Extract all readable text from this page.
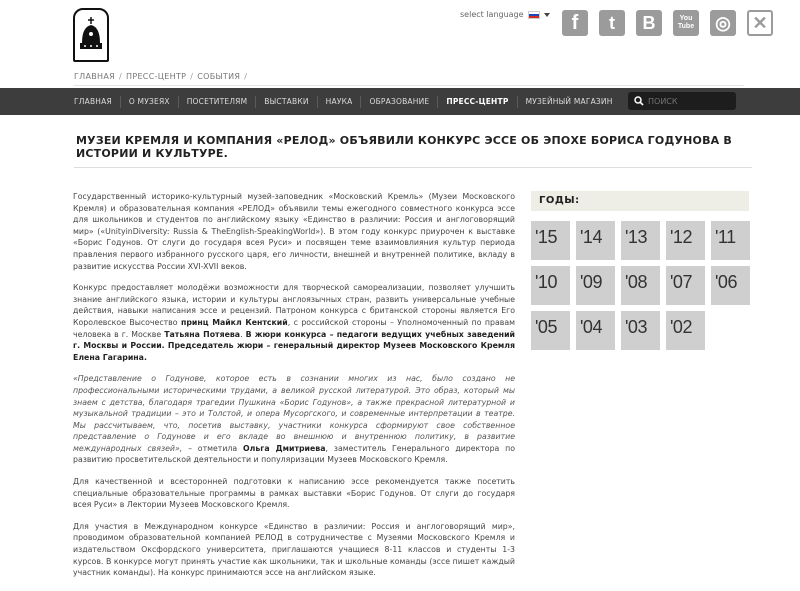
select language	f	t	B	You Tube ◎	✕
ГЛАВНАЯ / ПРЕСС-ЦЕНТР / СОБЫТИЯ /
ГЛАВНАЯ	О МУЗЕЯХ	ПОСЕТИТЕЛЯМ	ВЫСТАВКИ	НАУКА	ОБРАЗОВАНИЕ	ПРЕСС-ЦЕНТР	МУЗЕЙНЫЙ МАГАЗИН
ПОИСК
МУЗЕИ КРЕМЛЯ И КОМПАНИЯ «РЕЛОД» ОБЪЯВИЛИ КОНКУРС ЭССЕ ОБ ЭПОХЕ БОРИСА ГОДУНОВА В ИСТОРИИ И КУЛЬТУРЕ.

Государственный историко-культурный музей-заповедник «Московский Кремль» (Музеи Московского Кремля) и образовательная компания «РЕЛОД» объявили темы ежегодного совместного конкурса эссе для школьников и студентов по английскому языку «Единство в различии: Россия и англоговорящий мир» («UnityinDiversity: Russia & TheEnglish-SpeakingWorld»). В этом году конкурс приурочен к выставке «Борис Годунов. От слуги до государя всея Руси» и посвящен теме взаимовлияния культур периода правления первого избранного русского царя, его личности, внешней и внутренней политике, вкладу в развитие искусства России XVI-XVII веков.

Конкурс предоставляет молодёжи возможности для творческой самореализации, позволяет улучшить знание английского языка, истории и культуры англоязычных стран, развить универсальные учебные действия, навыки написания эссе и рецензий. Патроном конкурса с британской стороны является Его Королевское Высочество принц Майкл Кентский, с российской стороны – Уполномоченный по правам человека в г. Москве Татьяна Потяева. В жюри конкурса – педагоги ведущих учебных заведений г. Москвы и России. Председатель жюри – генеральный директор Музеев Московского Кремля Елена Гагарина.

«Представление о Годунове, которое есть в сознании многих из нас, было создано не профессиональными историческими трудами, а великой русской литературой. Это образ, который мы знаем с детства, благодаря трагедии Пушкина «Борис Годунов», а также прекрасной литературной и музыкальной традиции – это и Толстой, и опера Мусоргского, и современные интерпретации в театре. Мы рассчитываем, что, посетив выставку, участники конкурса сформируют свое собственное представление о Годунове и его вкладе во внешнюю и внутреннюю политику, в развитие международных связей», – отметила Ольга Дмитриева, заместитель Генерального директора по развитию просветительской деятельности и популяризации Музеев Московского Кремля.

Для качественной и всесторонней подготовки к написанию эссе рекомендуется также посетить специальные образовательные программы в рамках выставки «Борис Годунов. От слуги до государя всея Руси» в Лектории Музеев Московского Кремля.

Для участия в Международном конкурсе «Единство в различии: Россия и англоговорящий мир», проводимом образовательной компанией РЕЛОД в сотрудничестве с Музеями Московского Кремля и издательством Оксфордского университета, приглашаются учащиеся 8-11 классов и студенты 1-3 курсов. В конкурсе могут принять участие как школьники, так и школьные команды (эссе пишет каждый участник команды). На конкурс принимаются эссе на английском языке.

ГОДЫ:
'15	'14	'13	'12	'11
'10	'09	'08	'07	'06
'05	'04	'03	'02
